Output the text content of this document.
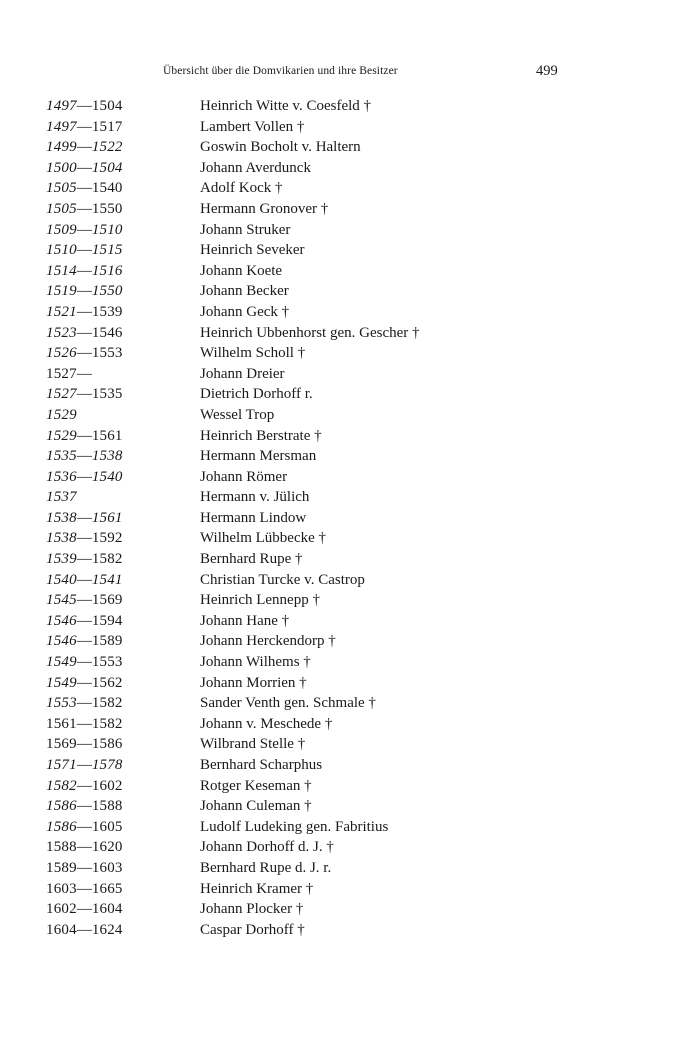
Übersicht über die Domvikarien und ihre Besitzer	499
1497—1504	Heinrich Witte v. Coesfeld †
1497—1517	Lambert Vollen †
1499—1522	Goswin Bocholt v. Haltern
1500—1504	Johann Averdunck
1505—1540	Adolf Kock †
1505—1550	Hermann Gronover †
1509—1510	Johann Struker
1510—1515	Heinrich Seveker
1514—1516	Johann Koete
1519—1550	Johann Becker
1521—1539	Johann Geck †
1523—1546	Heinrich Ubbenhorst gen. Gescher †
1526—1553	Wilhelm Scholl †
1527—	Johann Dreier
1527—1535	Dietrich Dorhoff r.
1529	Wessel Trop
1529—1561	Heinrich Berstrate †
1535—1538	Hermann Mersman
1536—1540	Johann Römer
1537	Hermann v. Jülich
1538—1561	Hermann Lindow
1538—1592	Wilhelm Lübbecke †
1539—1582	Bernhard Rupe †
1540—1541	Christian Turcke v. Castrop
1545—1569	Heinrich Lennepp †
1546—1594	Johann Hane †
1546—1589	Johann Herckendorp †
1549—1553	Johann Wilhems †
1549—1562	Johann Morrien †
1553—1582	Sander Venth gen. Schmale †
1561—1582	Johann v. Meschede †
1569—1586	Wilbrand Stelle †
1571—1578	Bernhard Scharphus
1582—1602	Rotger Keseman †
1586—1588	Johann Culeman †
1586—1605	Ludolf Ludeking gen. Fabritius
1588—1620	Johann Dorhoff d. J. †
1589—1603	Bernhard Rupe d. J. r.
1603—1665	Heinrich Kramer †
1602—1604	Johann Plocker †
1604—1624	Caspar Dorhoff †
